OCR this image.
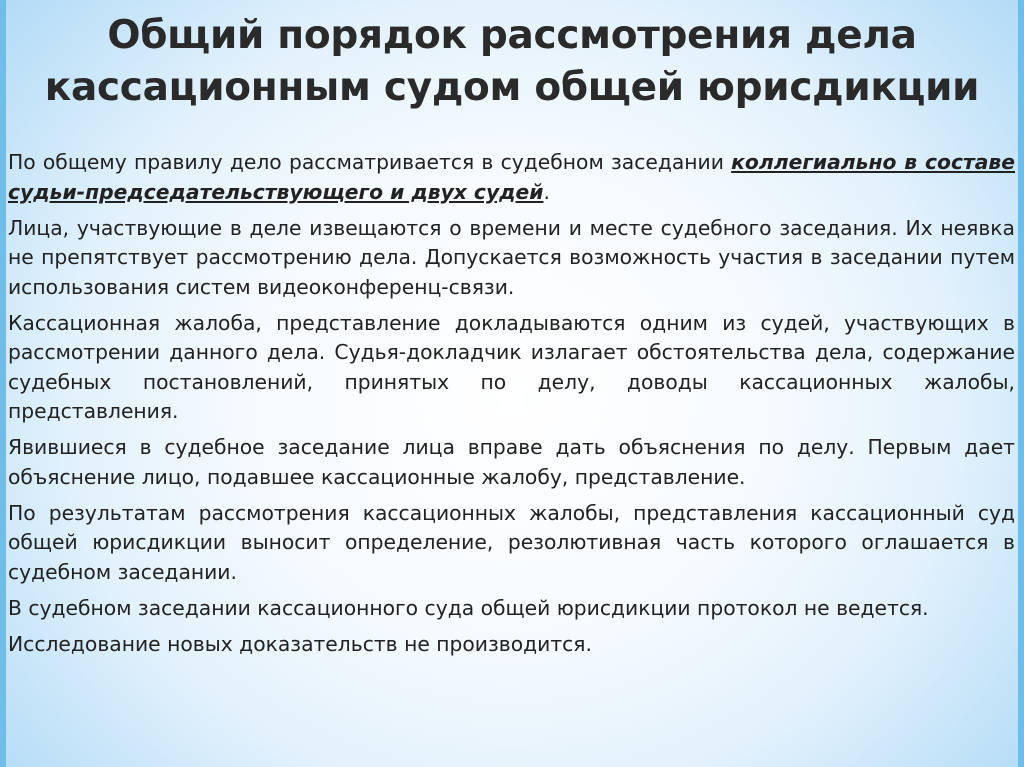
Общий порядок рассмотрения дела
кассационным судом общей юрисдикции

По общему правилу дело рассматривается в судебном заседании коллегиально в составе судьи-председательствующего и двух судей.

Лица, участвующие в деле извещаются о времени и месте судебного заседания. Их неявка не препятствует рассмотрению дела. Допускается возможность участия в заседании путем использования систем видеоконференц-связи.

Кассационная жалоба, представление докладываются одним из судей, участвующих в рассмотрении данного дела. Судья-докладчик излагает обстоятельства дела, содержание судебных постановлений, принятых по делу, доводы кассационных жалобы, представления.

Явившиеся в судебное заседание лица вправе дать объяснения по делу. Первым дает объяснение лицо, подавшее кассационные жалобу, представление.

По результатам рассмотрения кассационных жалобы, представления кассационный суд общей юрисдикции выносит определение, резолютивная часть которого оглашается в судебном заседании.

В судебном заседании кассационного суда общей юрисдикции протокол не ведется.

Исследование новых доказательств не производится.
